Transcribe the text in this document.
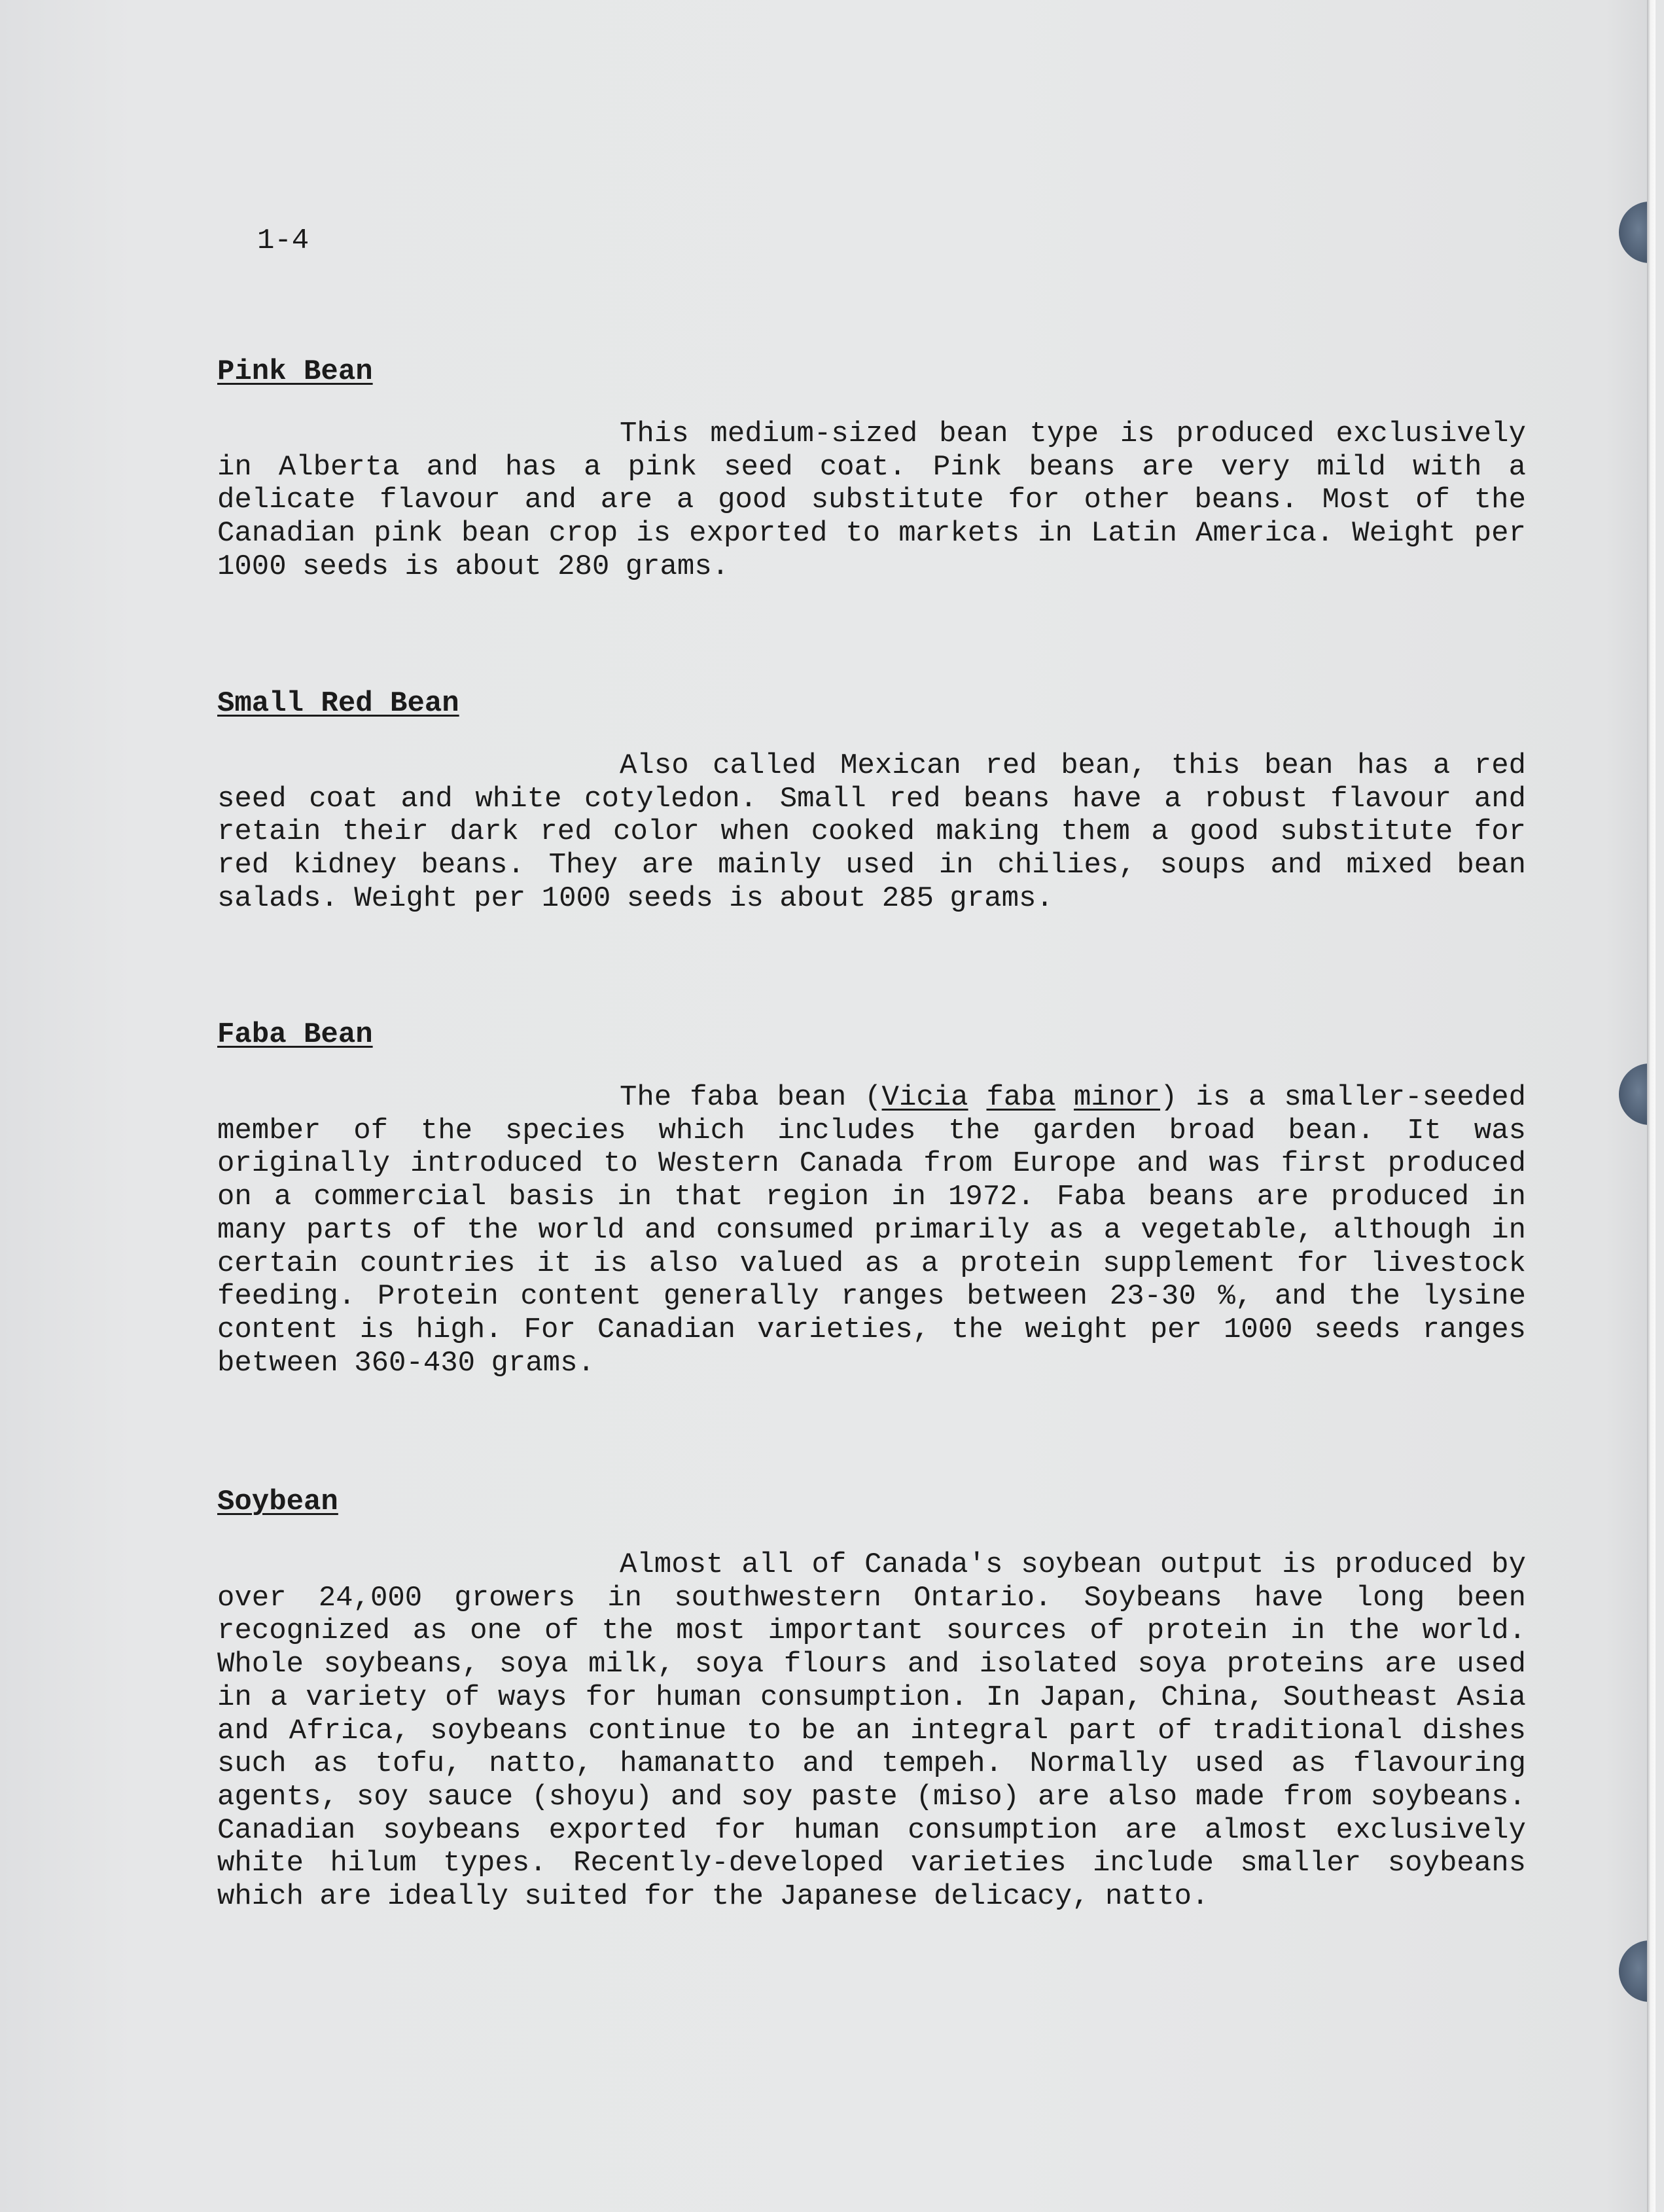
1-4
Pink Bean

This medium-sized bean type is produced exclusively in Alberta and has a pink seed coat. Pink beans are very mild with a delicate flavour and are a good substitute for other beans. Most of the Canadian pink bean crop is exported to markets in Latin America. Weight per 1000 seeds is about 280 grams.

Small Red Bean

Also called Mexican red bean, this bean has a red seed coat and white cotyledon. Small red beans have a robust flavour and retain their dark red color when cooked making them a good substitute for red kidney beans. They are mainly used in chilies, soups and mixed bean salads. Weight per 1000 seeds is about 285 grams.

Faba Bean

The faba bean (Vicia faba minor) is a smaller-seeded member of the species which includes the garden broad bean. It was originally introduced to Western Canada from Europe and was first produced on a commercial basis in that region in 1972. Faba beans are produced in many parts of the world and consumed primarily as a vegetable, although in certain countries it is also valued as a protein supplement for livestock feeding. Protein content generally ranges between 23-30 %, and the lysine content is high. For Canadian varieties, the weight per 1000 seeds ranges between 360-430 grams.

Soybean

Almost all of Canada's soybean output is produced by over 24,000 growers in southwestern Ontario. Soybeans have long been recognized as one of the most important sources of protein in the world. Whole soybeans, soya milk, soya flours and isolated soya proteins are used in a variety of ways for human consumption. In Japan, China, Southeast Asia and Africa, soybeans continue to be an integral part of traditional dishes such as tofu, natto, hamanatto and tempeh. Normally used as flavouring agents, soy sauce (shoyu) and soy paste (miso) are also made from soybeans. Canadian soybeans exported for human consumption are almost exclusively white hilum types. Recently-developed varieties include smaller soybeans which are ideally suited for the Japanese delicacy, natto.
